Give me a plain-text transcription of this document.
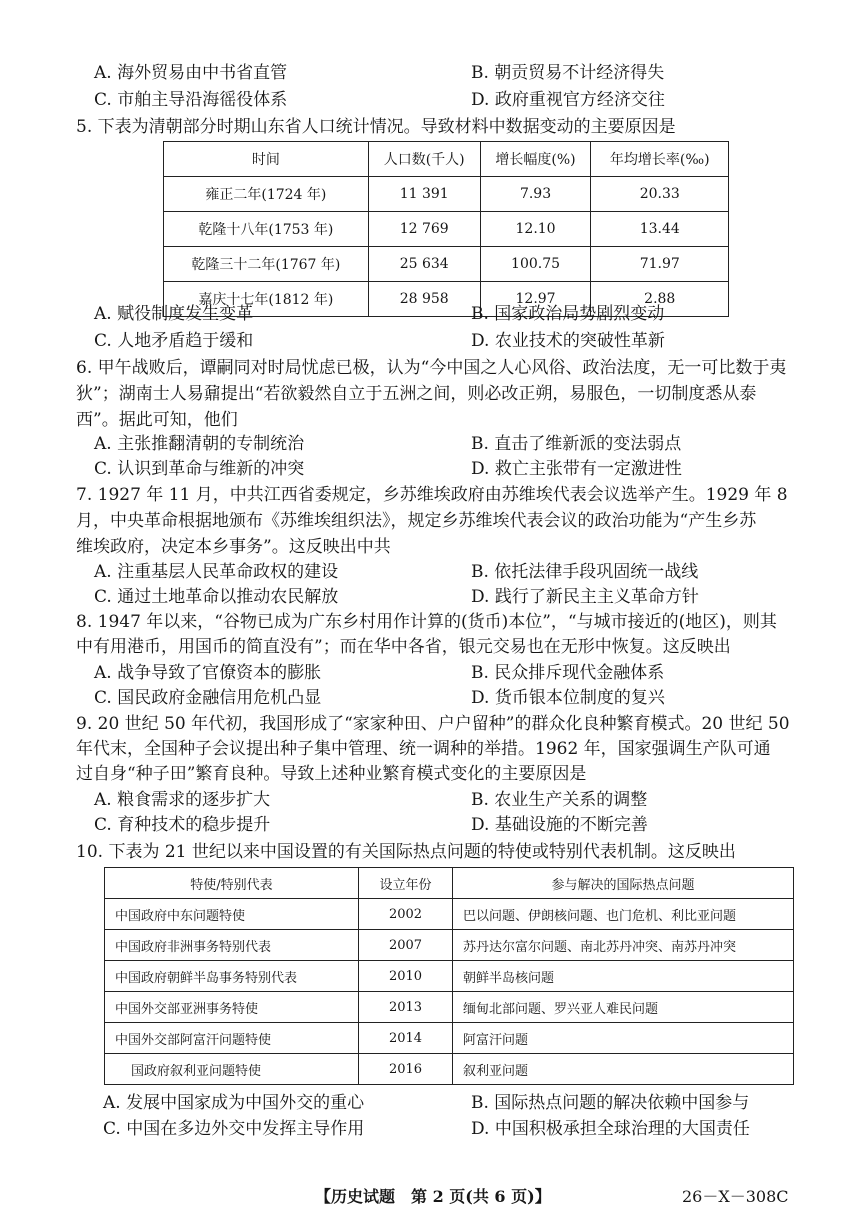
A. 海外贸易由中书省直管	B. 朝贡贸易不计经济得失
C. 市舶主导沿海徭役体系	D. 政府重视官方经济交往
5. 下表为清朝部分时期山东省人口统计情况。导致材料中数据变动的主要原因是
时间	人口数(千人)	增长幅度(%)	年均增长率(‰)
雍正二年(1724 年)	11 391	7.93	20.33
乾隆十八年(1753 年)	12 769	12.10	13.44
乾隆三十二年(1767 年)	25 634	100.75	71.97
嘉庆十七年(1812 年)	28 958	12.97	2.88
A. 赋役制度发生变革	B. 国家政治局势剧烈变动
C. 人地矛盾趋于缓和	D. 农业技术的突破性革新
6. 甲午战败后，谭嗣同对时局忧虑已极，认为“今中国之人心风俗、政治法度，无一可比数于夷
狄”；湖南士人易鼐提出“若欲毅然自立于五洲之间，则必改正朔，易服色，一切制度悉从泰
西”。据此可知，他们
A. 主张推翻清朝的专制统治	B. 直击了维新派的变法弱点
C. 认识到革命与维新的冲突	D. 救亡主张带有一定激进性
7. 1927 年 11 月，中共江西省委规定，乡苏维埃政府由苏维埃代表会议选举产生。1929 年 8
月，中央革命根据地颁布《苏维埃组织法》，规定乡苏维埃代表会议的政治功能为“产生乡苏
维埃政府，决定本乡事务”。这反映出中共
A. 注重基层人民革命政权的建设	B. 依托法律手段巩固统一战线
C. 通过土地革命以推动农民解放	D. 践行了新民主主义革命方针
8. 1947 年以来，“谷物已成为广东乡村用作计算的(货币)本位”，“与城市接近的(地区)，则其
中有用港币，用国币的简直没有”；而在华中各省，银元交易也在无形中恢复。这反映出
A. 战争导致了官僚资本的膨胀	B. 民众排斥现代金融体系
C. 国民政府金融信用危机凸显	D. 货币银本位制度的复兴
9. 20 世纪 50 年代初，我国形成了“家家种田、户户留种”的群众化良种繁育模式。20 世纪 50
年代末，全国种子会议提出种子集中管理、统一调种的举措。1962 年，国家强调生产队可通
过自身“种子田”繁育良种。导致上述种业繁育模式变化的主要原因是
A. 粮食需求的逐步扩大	B. 农业生产关系的调整
C. 育种技术的稳步提升	D. 基础设施的不断完善
10. 下表为 21 世纪以来中国设置的有关国际热点问题的特使或特别代表机制。这反映出
特使/特别代表	设立年份	参与解决的国际热点问题
中国政府中东问题特使	2002	巴以问题、伊朗核问题、也门危机、利比亚问题
中国政府非洲事务特别代表	2007	苏丹达尔富尔问题、南北苏丹冲突、南苏丹冲突
中国政府朝鲜半岛事务特别代表	2010	朝鲜半岛核问题
中国外交部亚洲事务特使	2013	缅甸北部问题、罗兴亚人难民问题
中国外交部阿富汗问题特使	2014	阿富汗问题
国政府叙利亚问题特使	2016	叙利亚问题
A. 发展中国家成为中国外交的重心	B. 国际热点问题的解决依赖中国参与
C. 中国在多边外交中发挥主导作用	D. 中国积极承担全球治理的大国责任
【历史试题　第 2 页(共 6 页)】	26－X－308C
